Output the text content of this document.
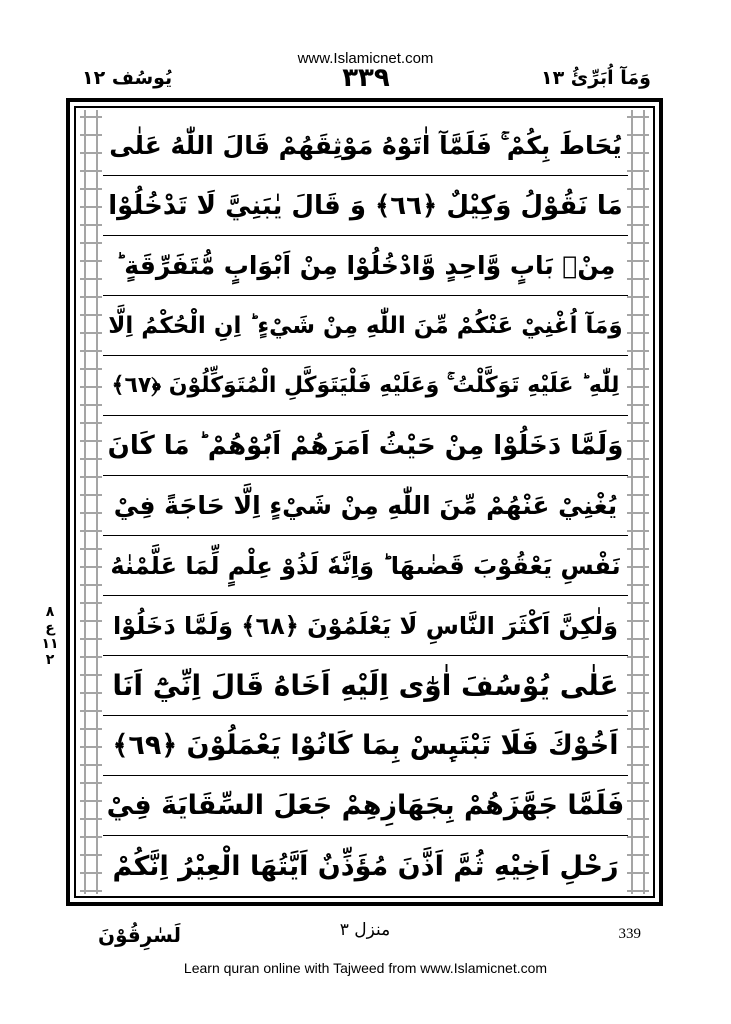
www.Islamicnet.com
يُوسُف ١٢	٣٣٩	وَمَآ اُبَرِّئُ ١٣
يُحَاطَ بِكُمْ ۚ فَلَمَّآ اٰتَوْهُ مَوْثِقَهُمْ قَالَ اللّٰهُ عَلٰى
مَا نَقُوْلُ وَكِيْلٌ ﴿٦٦﴾ وَ قَالَ يٰبَنِيَّ لَا تَدْخُلُوْا
مِنْۢ بَابٍ وَّاحِدٍ وَّادْخُلُوْا مِنْ اَبْوَابٍ مُّتَفَرِّقَةٍ ؕ
وَمَآ اُغْنِيْ عَنْكُمْ مِّنَ اللّٰهِ مِنْ شَيْءٍ ؕ اِنِ الْحُكْمُ اِلَّا
لِلّٰهِ ؕ عَلَيْهِ تَوَكَّلْتُ ۚ وَعَلَيْهِ فَلْيَتَوَكَّلِ الْمُتَوَكِّلُوْنَ ﴿٦٧﴾
وَلَمَّا دَخَلُوْا مِنْ حَيْثُ اَمَرَهُمْ اَبُوْهُمْ ؕ مَا كَانَ
يُغْنِيْ عَنْهُمْ مِّنَ اللّٰهِ مِنْ شَيْءٍ اِلَّا حَاجَةً فِيْ
نَفْسِ يَعْقُوْبَ قَضٰىهَا ؕ وَاِنَّهٗ لَذُوْ عِلْمٍ لِّمَا عَلَّمْنٰهُ
وَلٰكِنَّ اَكْثَرَ النَّاسِ لَا يَعْلَمُوْنَ ﴿٦٨﴾ وَلَمَّا دَخَلُوْا
عَلٰى يُوْسُفَ اٰوٰٓى اِلَيْهِ اَخَاهُ قَالَ اِنِّيْٓ اَنَا
اَخُوْكَ فَلَا تَبْتَىِٕسْ بِمَا كَانُوْا يَعْمَلُوْنَ ﴿٦٩﴾
فَلَمَّا جَهَّزَهُمْ بِجَهَازِهِمْ جَعَلَ السِّقَايَةَ فِيْ
رَحْلِ اَخِيْهِ ثُمَّ اَذَّنَ مُؤَذِّنٌ اَيَّتُهَا الْعِيْرُ اِنَّكُمْ
٨
ع
١١
٢
لَسٰرِقُوْنَ	منزل ٣	339
Learn quran online with Tajweed from www.Islamicnet.com
